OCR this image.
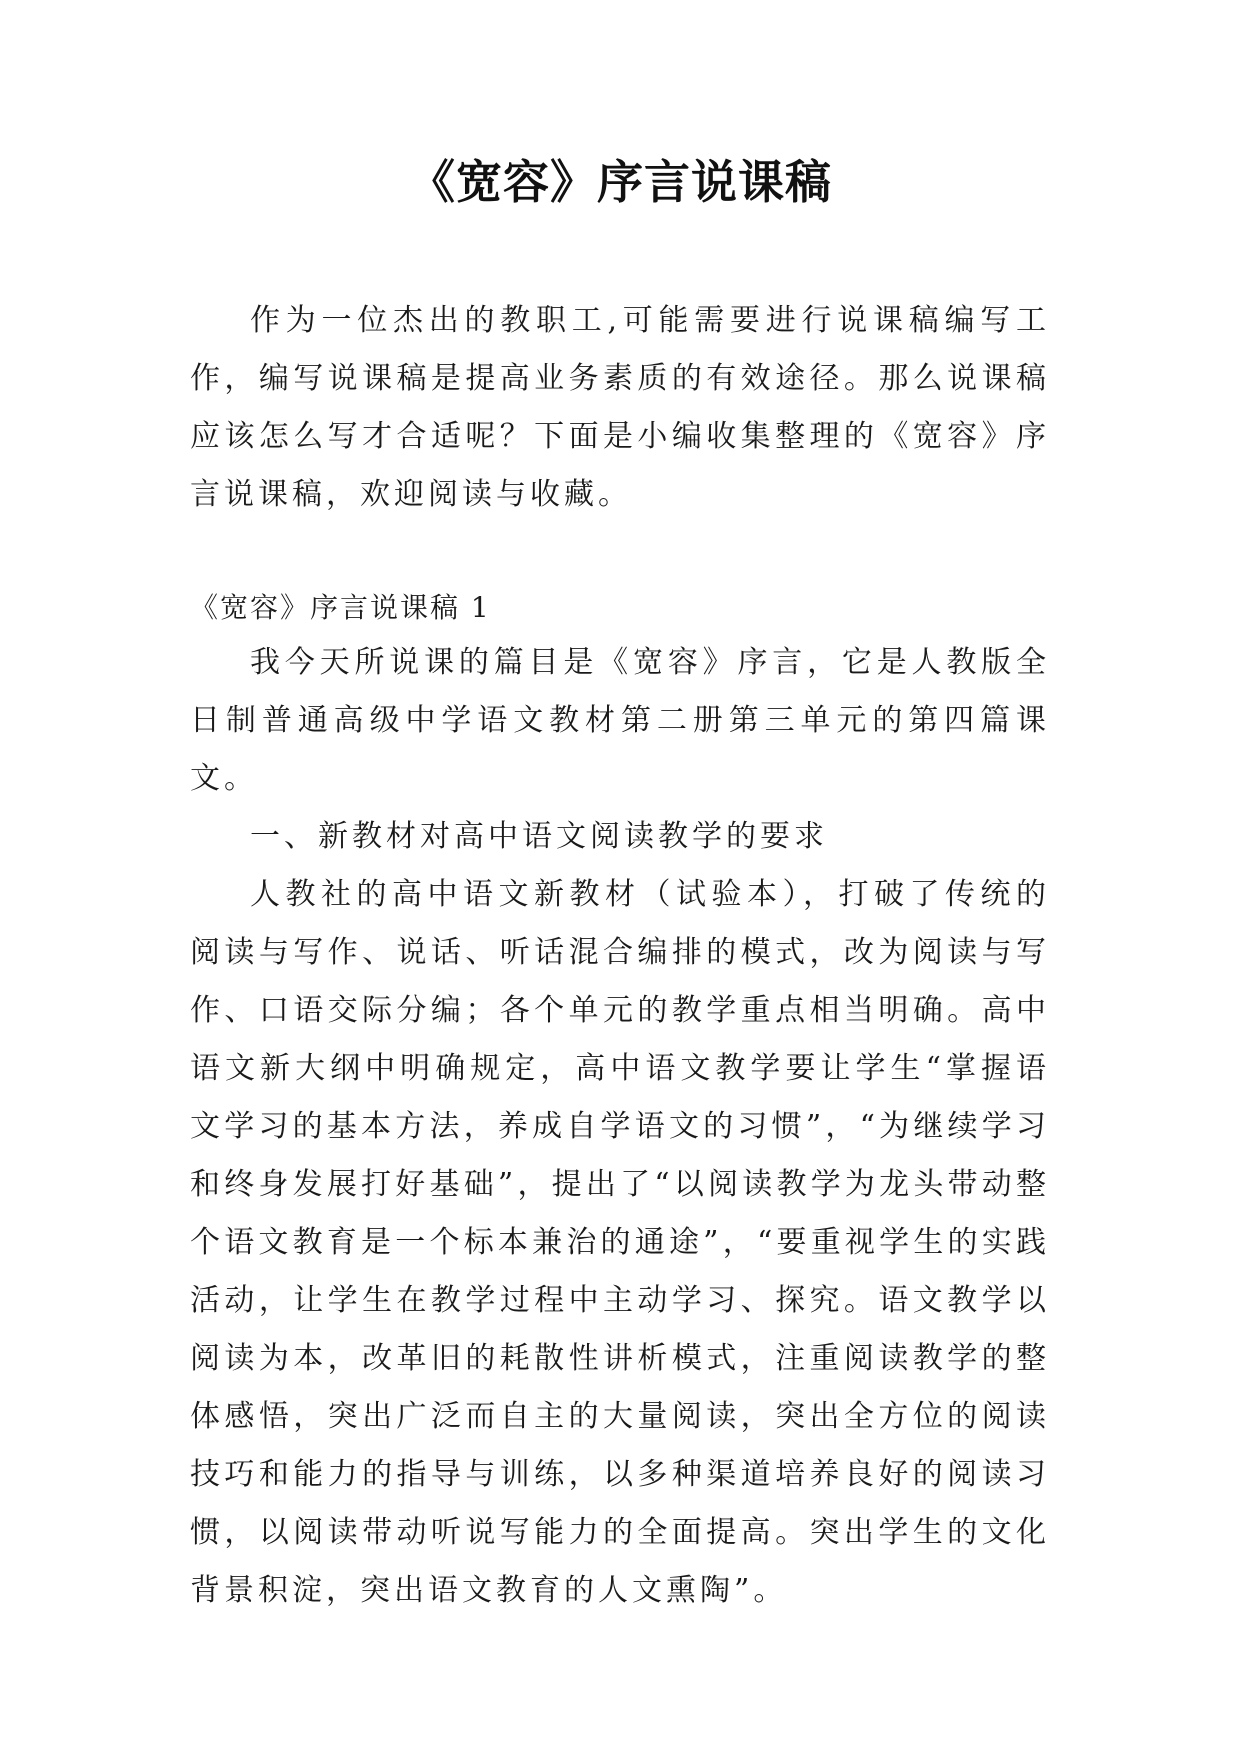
《宽容》序言说课稿

作为一位杰出的教职工,可能需要进行说课稿编写工作，编写说课稿是提高业务素质的有效途径。那么说课稿应该怎么写才合适呢？下面是小编收集整理的《宽容》序言说课稿，欢迎阅读与收藏。

《宽容》序言说课稿 1

我今天所说课的篇目是《宽容》序言，它是人教版全日制普通高级中学语文教材第二册第三单元的第四篇课文。

一、新教材对高中语文阅读教学的要求

人教社的高中语文新教材（试验本），打破了传统的阅读与写作、说话、听话混合编排的模式，改为阅读与写作、口语交际分编；各个单元的教学重点相当明确。高中语文新大纲中明确规定，高中语文教学要让学生“掌握语文学习的基本方法，养成自学语文的习惯”，“为继续学习和终身发展打好基础”，提出了“以阅读教学为龙头带动整个语文教育是一个标本兼治的通途”，“要重视学生的实践活动，让学生在教学过程中主动学习、探究。语文教学以阅读为本，改革旧的耗散性讲析模式，注重阅读教学的整体感悟，突出广泛而自主的大量阅读，突出全方位的阅读技巧和能力的指导与训练，以多种渠道培养良好的阅读习惯，以阅读带动听说写能力的全面提高。突出学生的文化背景积淀，突出语文教育的人文熏陶”。
